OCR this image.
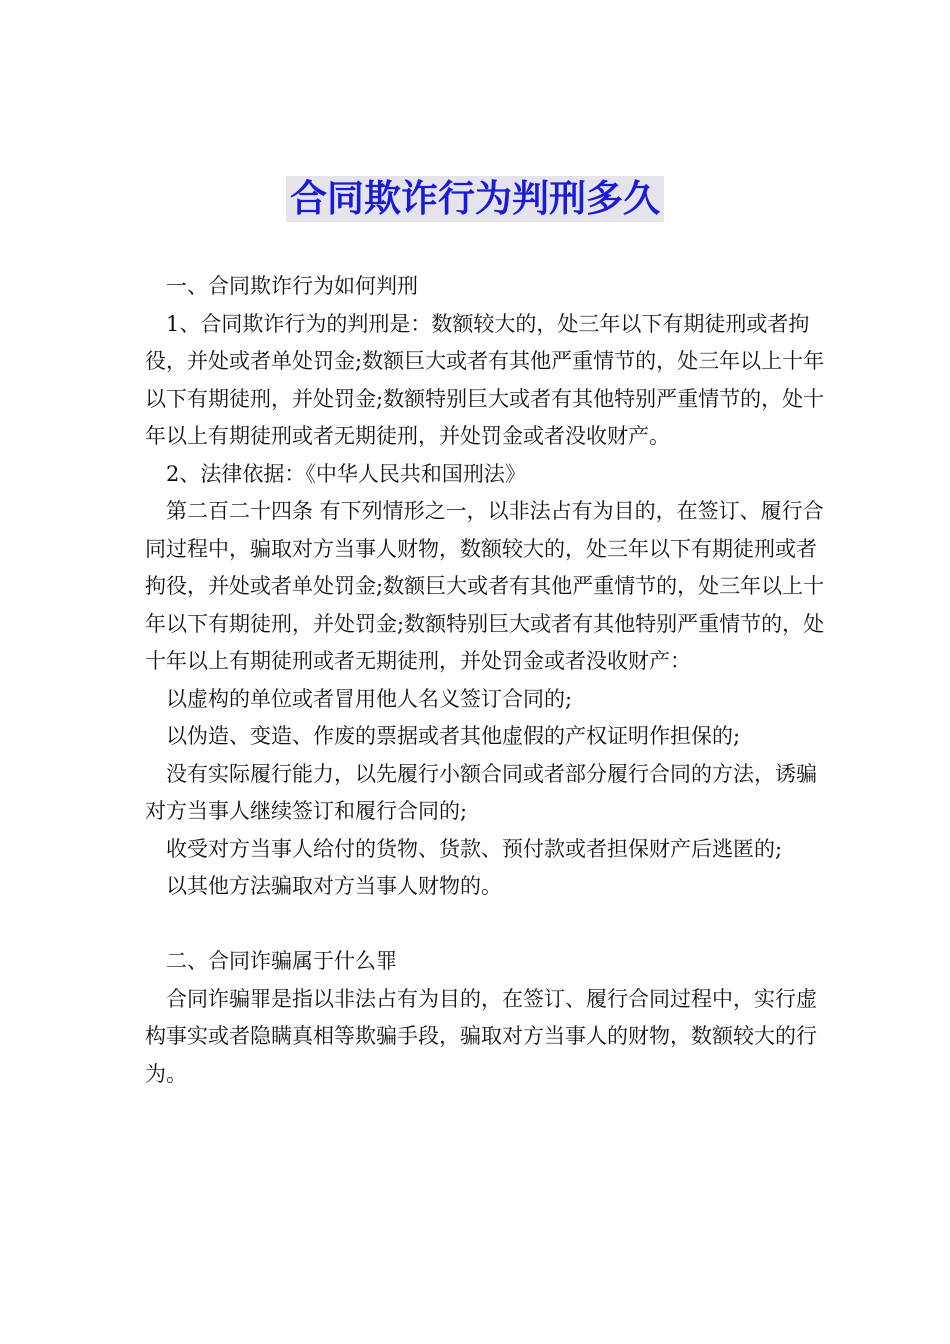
合同欺诈行为判刑多久

一、合同欺诈行为如何判刑

1、合同欺诈行为的判刑是：数额较大的，处三年以下有期徒刑或者拘役，并处或者单处罚金;数额巨大或者有其他严重情节的，处三年以上十年以下有期徒刑，并处罚金;数额特别巨大或者有其他特别严重情节的，处十年以上有期徒刑或者无期徒刑，并处罚金或者没收财产。

2、法律依据：《中华人民共和国刑法》

第二百二十四条 有下列情形之一，以非法占有为目的，在签订、履行合同过程中，骗取对方当事人财物，数额较大的，处三年以下有期徒刑或者拘役，并处或者单处罚金;数额巨大或者有其他严重情节的，处三年以上十年以下有期徒刑，并处罚金;数额特别巨大或者有其他特别严重情节的，处十年以上有期徒刑或者无期徒刑，并处罚金或者没收财产：

以虚构的单位或者冒用他人名义签订合同的;

以伪造、变造、作废的票据或者其他虚假的产权证明作担保的;

没有实际履行能力，以先履行小额合同或者部分履行合同的方法，诱骗对方当事人继续签订和履行合同的;

收受对方当事人给付的货物、货款、预付款或者担保财产后逃匿的;

以其他方法骗取对方当事人财物的。

二、合同诈骗属于什么罪

合同诈骗罪是指以非法占有为目的，在签订、履行合同过程中，实行虚构事实或者隐瞒真相等欺骗手段，骗取对方当事人的财物，数额较大的行为。
